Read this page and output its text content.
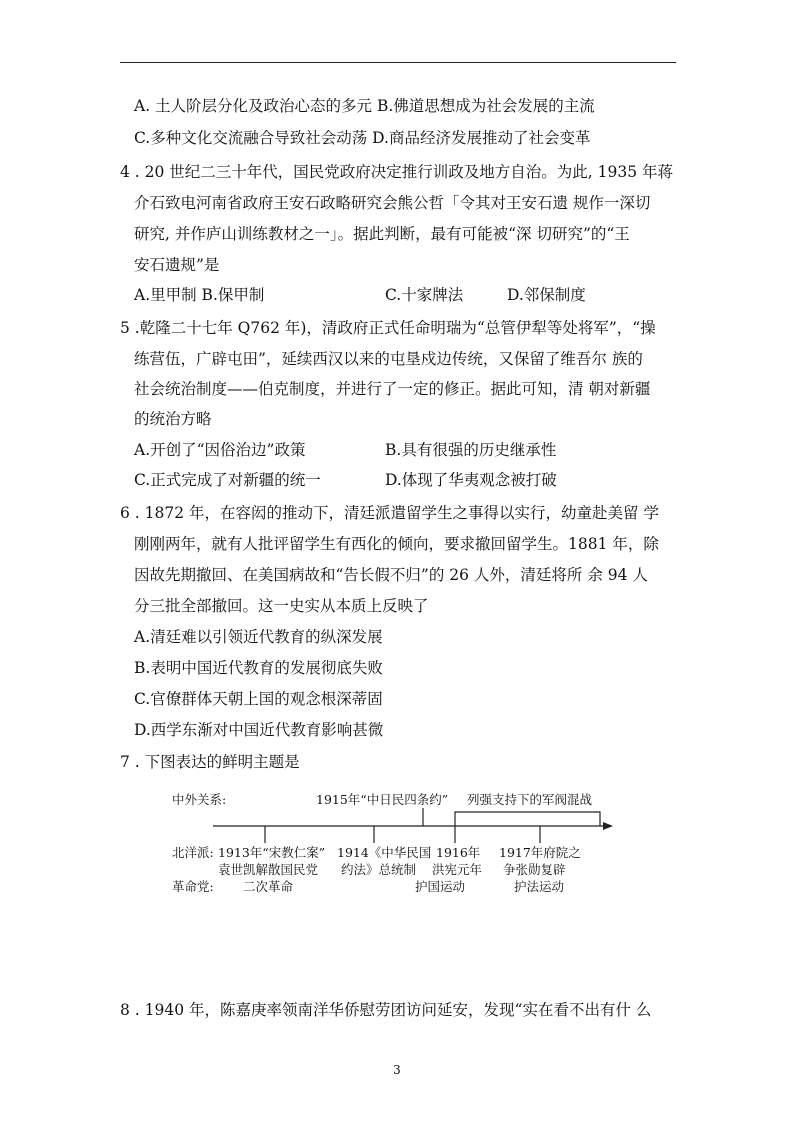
A. 土人阶层分化及政治心态的多元 B.佛道思想成为社会发展的主流
C.多种文化交流融合导致社会动荡 D.商品经济发展推动了社会变革
4 . 20 世纪二三十年代，国民党政府决定推行训政及地方自治。为此, 1935 年蒋
介石致电河南省政府王安石政略研究会熊公哲「令其对王安石遗 规作一深切
研究, 并作庐山训练教材之一」。据此判断，最有可能被“深 切研究”的“王
安石遗规”是
A.里甲制 B.保甲制	C.十家牌法	D.邻保制度
5 .乾隆二十七年 Q762 年)，清政府正式任命明瑞为“总管伊犁等处将军”，“操
练营伍，广辟屯田”，延续西汉以来的屯垦戍边传统，又保留了维吾尔 族的
社会统治制度——伯克制度，并进行了一定的修正。据此可知，清 朝对新疆
的统治方略
A.开创了“因俗治边”政策	B.具有很强的历史继承性
C.正式完成了对新疆的统一	D.体现了华夷观念被打破
6 . 1872 年，在容闳的推动下，清廷派遣留学生之事得以实行，幼童赴美留 学
刚刚两年，就有人批评留学生有西化的倾向，要求撤回留学生。1881 年，除
因故先期撤回、在美国病故和“告长假不归”的 26 人外，清廷将所 余 94 人
分三批全部撤回。这一史实从本质上反映了
A.清廷难以引领近代教育的纵深发展
B.表明中国近代教育的发展彻底失败
C.官僚群体天朝上国的观念根深蒂固
D.西学东渐对中国近代教育影响甚微
7 . 下图表达的鲜明主题是
中外关系:	1915年“中日民四条约” 列强支持下的军阀混战
北洋派:
革命党:
1913年“宋教仁案”
袁世凯解散国民党
二次革命
1914《中华民国
约法》总统制
1916年
洪宪元年
护国运动
1917年府院之
争张勋复辟
护法运动
8 . 1940 年，陈嘉庚率领南洋华侨慰劳团访问延安，发现“实在看不出有什 么
3
